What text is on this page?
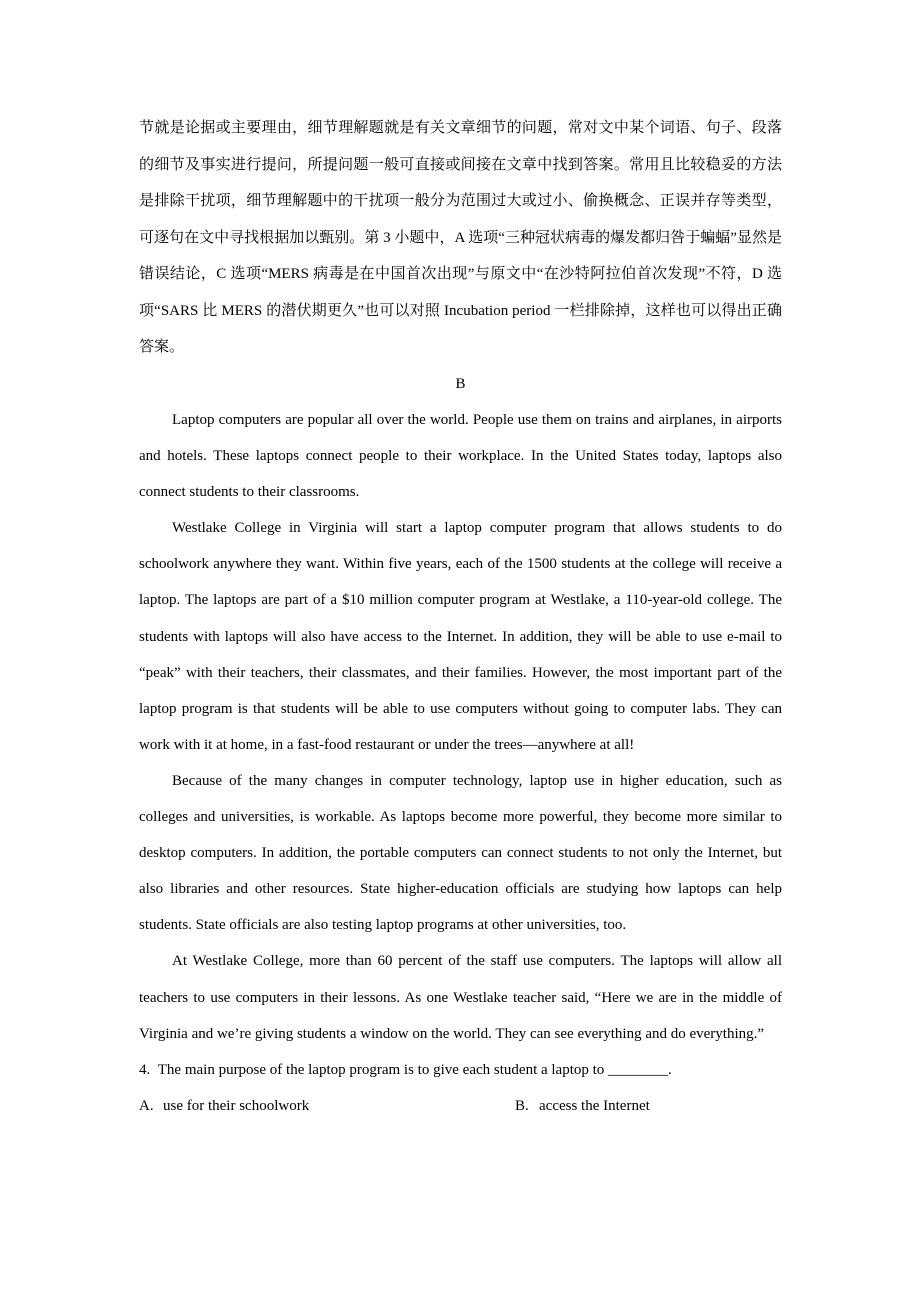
节就是论据或主要理由，细节理解题就是有关文章细节的问题，常对文中某个词语、句子、段落的细节及事实进行提问，所提问题一般可直接或间接在文章中找到答案。常用且比较稳妥的方法是排除干扰项，细节理解题中的干扰项一般分为范围过大或过小、偷换概念、正误并存等类型，可逐句在文中寻找根据加以甄别。第 3 小题中，A 选项“三种冠状病毒的爆发都归咎于蝙蝠”显然是错误结论，C 选项“MERS 病毒是在中国首次出现”与原文中“在沙特阿拉伯首次发现”不符，D 选项“SARS 比 MERS 的潜伏期更久”也可以对照 Incubation period 一栏排除掉，这样也可以得出正确答案。

B

Laptop computers are popular all over the world. People use them on trains and airplanes, in airports and hotels. These laptops connect people to their workplace. In the United States today, laptops also connect students to their classrooms.

Westlake College in Virginia will start a laptop computer program that allows students to do schoolwork anywhere they want. Within five years, each of the 1500 students at the college will receive a laptop. The laptops are part of a $10 million computer program at Westlake, a 110-year-old college. The students with laptops will also have access to the Internet. In addition, they will be able to use e-mail to “peak” with their teachers, their classmates, and their families. However, the most important part of the laptop program is that students will be able to use computers without going to computer labs. They can work with it at home, in a fast-food restaurant or under the trees—anywhere at all!

Because of the many changes in computer technology, laptop use in higher education, such as colleges and universities, is workable. As laptops become more powerful, they become more similar to desktop computers. In addition, the portable computers can connect students to not only the Internet, but also libraries and other resources. State higher-education officials are studying how laptops can help students. State officials are also testing laptop programs at other universities, too.

At Westlake College, more than 60 percent of the staff use computers. The laptops will allow all teachers to use computers in their lessons. As one Westlake teacher said, “Here we are in the middle of Virginia and we’re giving students a window on the world. They can see everything and do everything.”

4. The main purpose of the laptop program is to give each student a laptop to ________.

A. use for their schoolwork	B. access the Internet
